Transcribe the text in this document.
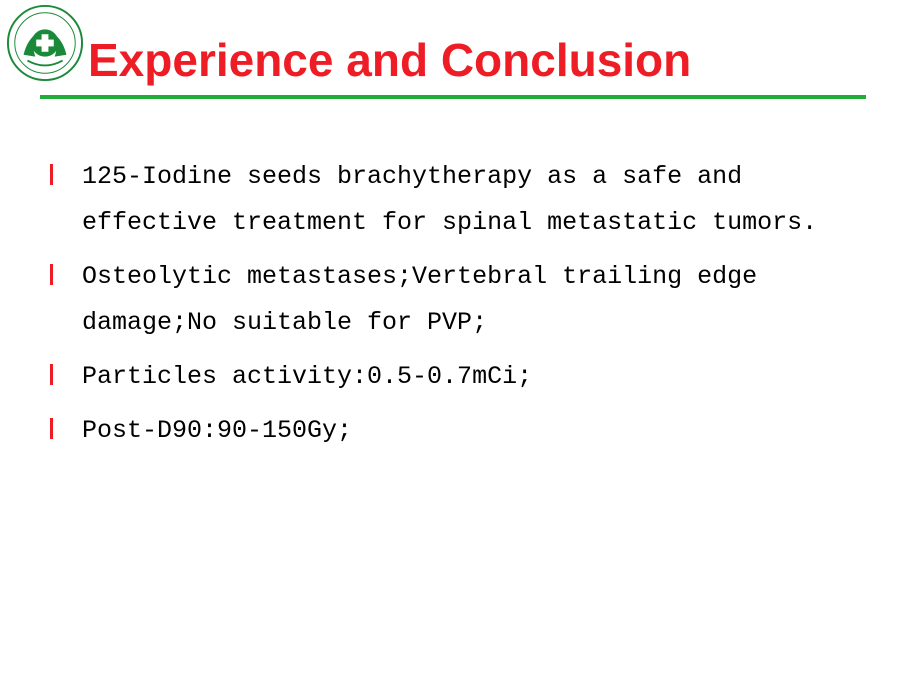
Experience and Conclusion
125-Iodine seeds brachytherapy as a safe and effective treatment for spinal metastatic tumors.
Osteolytic metastases;Vertebral trailing edge damage;No suitable for PVP;
Particles activity:0.5-0.7mCi;
Post-D90:90-150Gy;
